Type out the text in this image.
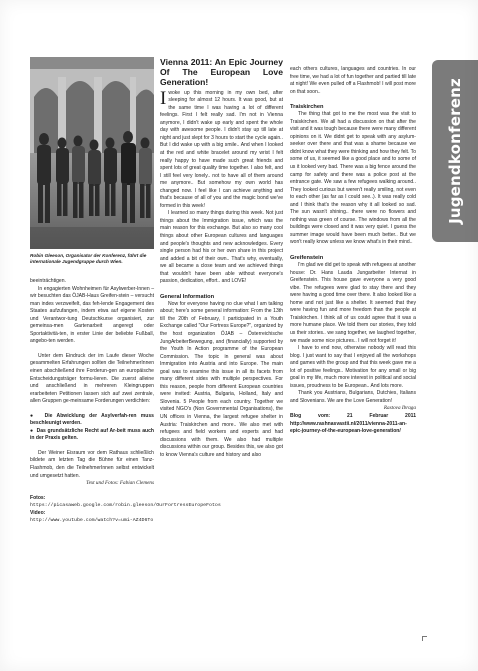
Jugendkonferenz
Robin Gleeson, Organisator der Konferenz, führt die internationale Jugendgruppe durch Wien.

beeinträchtigen.

In engagierten Wohnheimen für Asylwerber-Innen – wir besuchten das ÖJAB-Haus Greifen-stein – versucht man indes verzweifelt, das feh-lende Engagement des Staates aufzufangen, indem etwa auf eigene Kosten und Verantwor-tung Deutschkurse organisiert, zur gemeinsa-men Gartenarbeit angeregt oder Sportaktivitä-ten, in erster Linie der beliebte Fußball, angebo-ten werden.

Unter dem Eindruck der im Laufe dieser Woche gesammelten Erfahrungen sollten die TeilnehmerInnen einen abschließend ihre Forderun-gen an europäische Entscheidungsträger formu-lieren. Die zuerst alleine und anschließend in mehreren Kleingruppen erarbeiteten Petitionen lassen sich auf zwei zentrale, allen Gruppen ge-meinsame Forderungen verdichten:

●  Die Abwicklung der Asylverfah-ren muss beschleunigt werden.

●  Das grundsätzliche Recht auf Ar-beit muss auch in der Praxis gelten.

Der Weiner Eisraum vor dem Rathaus schließlich bildete am letzten Tag die Bühne für einen Tanz-Flashmob, den die TeilnehmerInnen selbst entwickelt und umgesetzt hatten.

Text und Fotos: Fabian Clemens

Fotos:

https://picasaweb.google.com/robin.gleeson/OurFortressEuropeFotos

Video:

http://www.youtube.com/watch?v=umi-AZ4D6To

Vienna 2011: An Epic Journey Of The European Love Generation!

Iwoke up this morning in my own bed, after sleeping for almost 12 hours. It was good, but at the same time I was having a lot of different feelings. First I felt really sad. I'm not in Vienna anymore, I didn't wake up early and spent the whole day with awesome people. I didn't stay up till late at night and just slept for 3 hours to start the cycle again.. But I did wake up with a big smile.. And when I looked at the red and white bracelet around my wrist I felt really happy to have made such great friends and spent lots of great quality time together. I also felt, and I still feel very lonely.. not to have all of them around me anymore.. But somehow my own world has changed now. I feel like I can achieve anything and that's because of all of you and the magic bond we've formed in this week!

I learned so many things during this week. Not just things about the Immigration issue, which was the main reason for this exchange. But also so many cool things about other European cultures and languages and people's thoughts and new acknowledges. Every single person had his or her own share in this project and added a bit of their own.. That's why, eventually, we all became a close team and we achieved things that wouldn't have been able without everyone's passion, dedication, effort.. and LOVE!

General Information

Now for everyone having no clue what I am talking about; here's some general information: From the 13th till the 20th of February, I participated in a Youth Exchange called "Our Fortress Europe?", organized by the host organization ÖJAB – Österreichische JungArbeiterBewegung, and (financially) supported by the Youth In Action programme of the European Commission. The topic in general was about Immigration into Austria and into Europe. The main goal was to examine this issue in all its facets from many different sides with multiple perspectives. For this reason, people from different European countries were invited: Austria, Bulgaria, Holland, Italy and Slovenia. 5 People from each country. Together we visited NGO's (Non Governmental Organisations), the UN offices in Vienna, the largest refugee shelter in Austria: Traiskirchen and more.. We also met with refugees and field workers and experts and had discussions with them. We also had multiple discussions within our group. Besides this, we also got to know Vienna's culture and history and also

each others cultures, languages and countries. In our free time, we had a lot of fun together and partied till late at night! We even pulled off a Flashmob! I will post more on that soon..

Traiskirchen

The thing that got to me the most was the visit to Traiskirchen. We all had a discussion on that after the visit and it was tough because there were many different opinions on it. We didnt get to speak with any asylum-seeker over there and that was a shame because we didnt know what they were thinking and how they felt. To some of us, it seemed like a good place and to some of us it looked very bad. There was a big fence around the camp for safety and there was a police post at the entrance gate. We saw a few refugees walking around.. They looked curious but weren't really smiling, not even to each other (as far as I could see..). It was really cold and I think that's the reason why it all looked so sad. The sun wasn't shining.. there were no flowers and nothing was green of course. The windows from all the buildings were closed and it was very quiet. I guess the summer image would have been much better.. But we won't really know unless we know what's in their mind..

Greifenstein

I'm glad we did get to speak with refugees at another house: Dr. Hans Lauda Jungarbeiter Internat in Greifenstein. This house gave everyone a very good vibe. The refugees were glad to stay there and they were having a good time over there. It also looked like a home and not just like a shelter. It seemed that they were having fun and more freedom than the people at Traiskirchen. I think all of us could agree that it was a more humane place. We told them our stories, they told us their stories.. we sang together, we laughed together, we made some nice pictures.. I will not forget it!

I have to end now, otherwise nobody will read this blog. I just want to say that I enjoyed all the workshops and games with the group and that this week gave me a lot of positive feelings.. Motivation for any small or big goal in my life, much more interest in political and social issues, proudness to be European.. And lots more.

Thank you Austrians, Bulgarians, Dutchies, Italians and Slovenians. We are the Love Generation!

Rastova Ibraga

Blog vom: 21 Februar 2011 http://www.rashnasvastii.nl/2011/vienna-2011-an-epic-journey-of-the-european-love-generation/
